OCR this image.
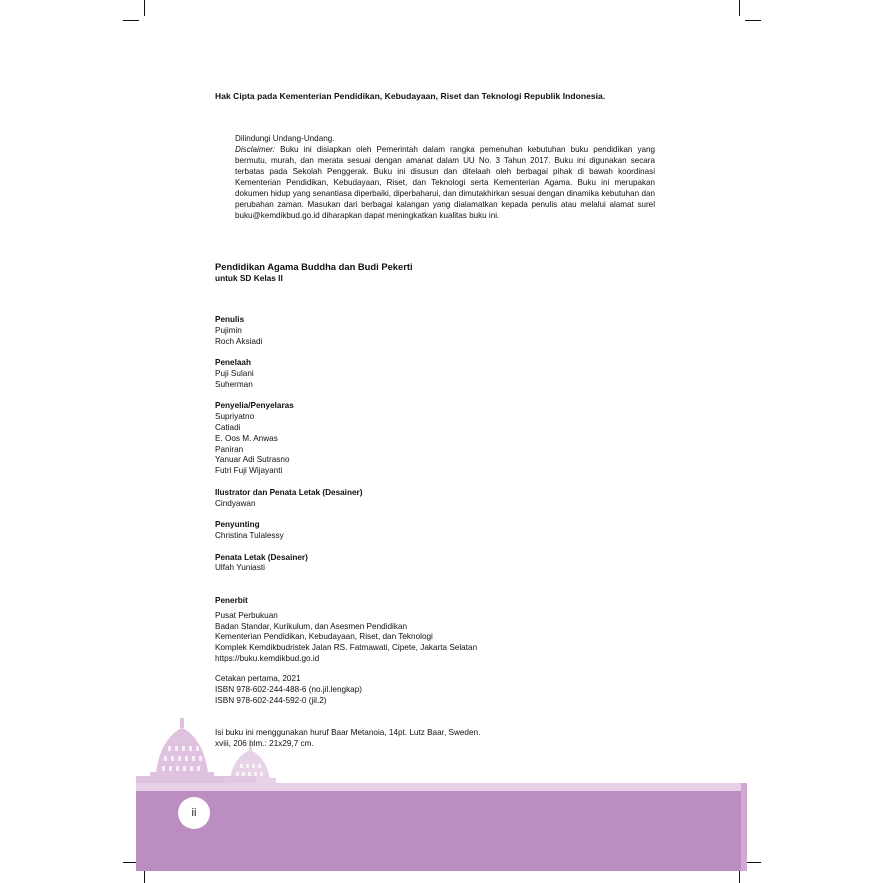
Hak Cipta pada Kementerian Pendidikan, Kebudayaan, Riset dan Teknologi Republik Indonesia.
Dilindungi Undang-Undang.
Disclaimer: Buku ini disiapkan oleh Pemerintah dalam rangka pemenuhan kebutuhan buku pendidikan yang bermutu, murah, dan merata sesuai dengan amanat dalam UU No. 3 Tahun 2017. Buku ini digunakan secara terbatas pada Sekolah Penggerak. Buku ini disusun dan ditelaah oleh berbagai pihak di bawah koordinasi Kementerian Pendidikan, Kebudayaan, Riset, dan Teknologi serta Kementerian Agama. Buku ini merupakan dokumen hidup yang senantiasa diperbaiki, diperbaharui, dan dimutakhirkan sesuai dengan dinamika kebutuhan dan perubahan zaman. Masukan dari berbagai kalangan yang dialamatkan kepada penulis atau melalui alamat surel buku@kemdikbud.go.id diharapkan dapat meningkatkan kualitas buku ini.
Pendidikan Agama Buddha dan Budi Pekerti
untuk SD Kelas II
Penulis
Pujimin
Roch Aksiadi
Penelaah
Puji Sulani
Suherman
Penyelia/Penyelaras
Supriyatno
Catiadi
E. Oos M. Anwas
Paniran
Yanuar Adi Sutrasno
Futri Fuji Wijayanti
Ilustrator dan Penata Letak (Desainer)
Cindyawan
Penyunting
Christina Tulalessy
Penata Letak (Desainer)
Ulfah Yuniasti
Penerbit
Pusat Perbukuan
Badan Standar, Kurikulum, dan Asesmen Pendidikan
Kementerian Pendidikan, Kebudayaan, Riset, dan Teknologi
Komplek Kemdikbudristek Jalan RS. Fatmawati, Cipete, Jakarta Selatan
https://buku.kemdikbud.go.id
Cetakan pertama, 2021
ISBN 978-602-244-488-6 (no.jil.lengkap)
ISBN 978-602-244-592-0 (jil.2)
Isi buku ini menggunakan huruf Baar Metanoia, 14pt. Lutz Baar, Sweden.
xviii, 206 hlm.: 21x29,7 cm.
ii
